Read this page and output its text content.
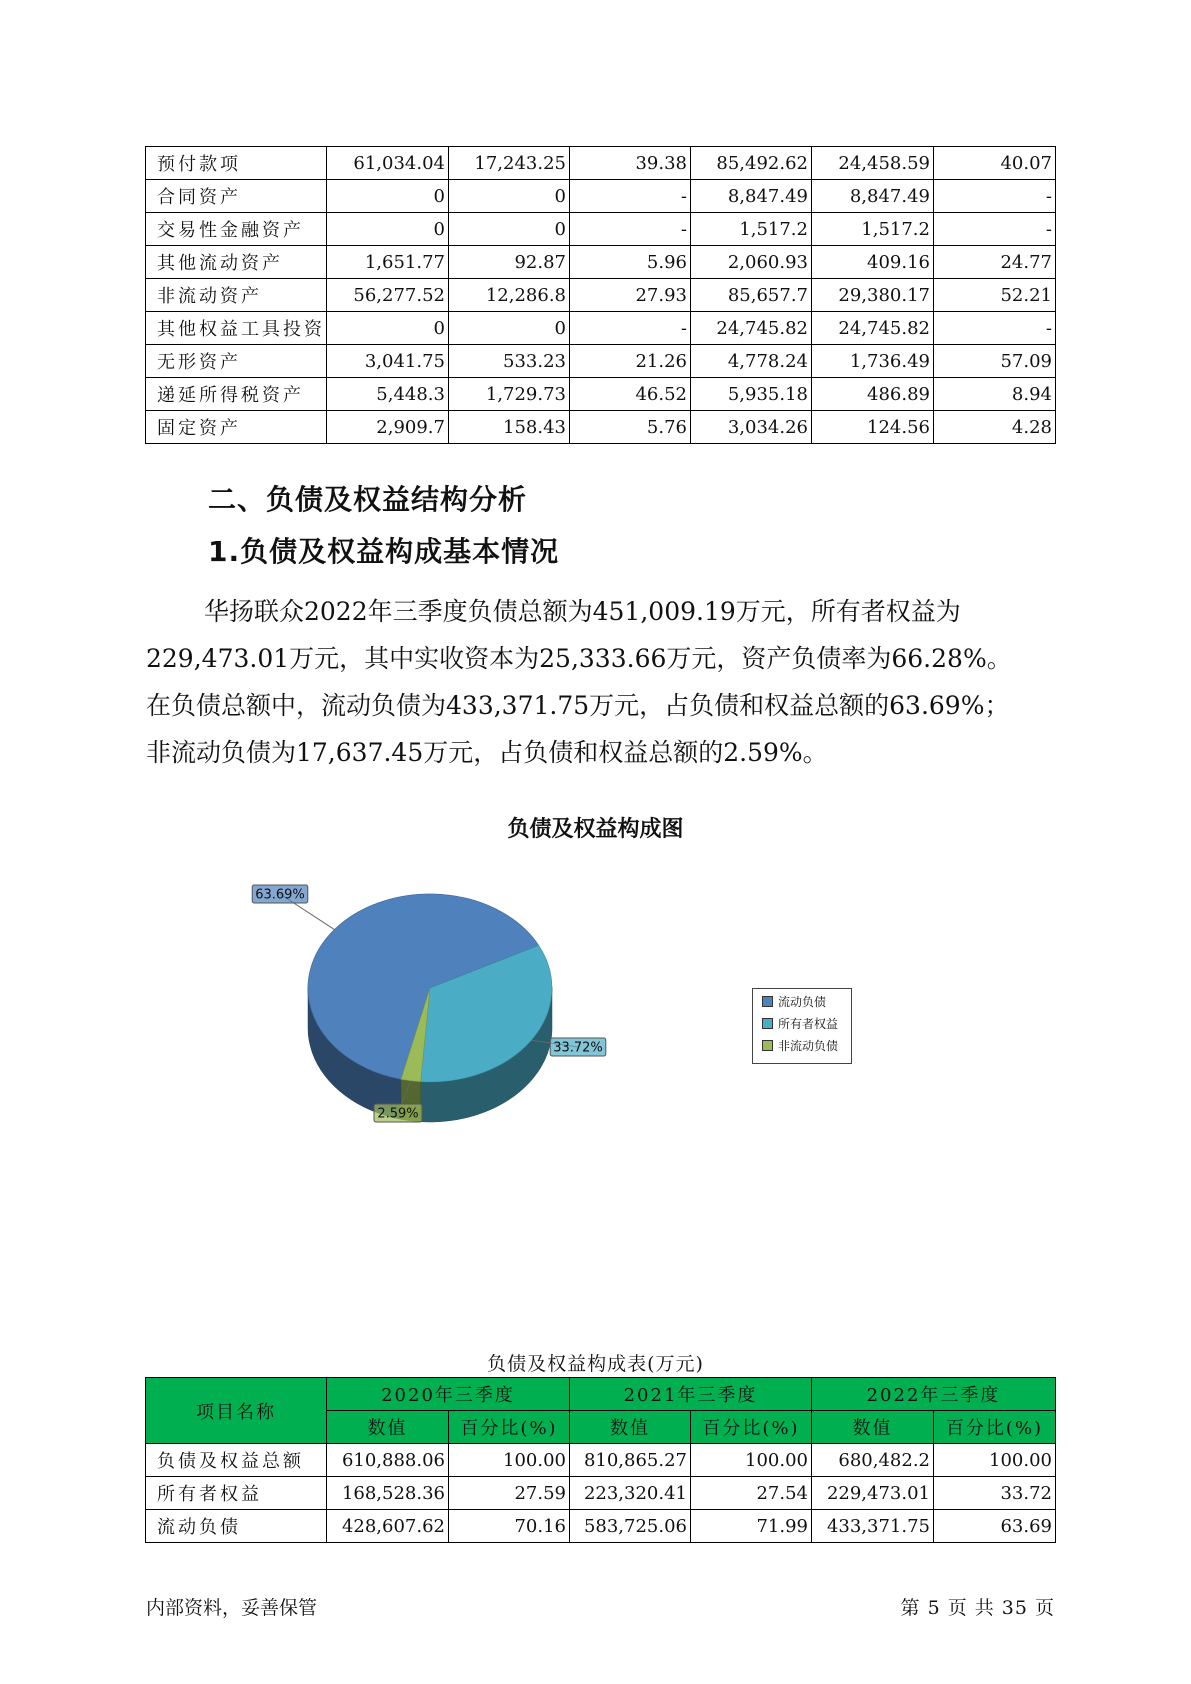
预付款项	61,034.04	17,243.25	39.38	85,492.62	24,458.59	40.07
合同资产	0	0	-	8,847.49	8,847.49	-
交易性金融资产	0	0	-	1,517.2	1,517.2	-
其他流动资产	1,651.77	92.87	5.96	2,060.93	409.16	24.77
非流动资产	56,277.52	12,286.8	27.93	85,657.7	29,380.17	52.21
其他权益工具投资	0	0	-	24,745.82	24,745.82	-
无形资产	3,041.75	533.23	21.26	4,778.24	1,736.49	57.09
递延所得税资产	5,448.3	1,729.73	46.52	5,935.18	486.89	8.94
固定资产	2,909.7	158.43	5.76	3,034.26	124.56	4.28
二、负债及权益结构分析
1.负债及权益构成基本情况
华扬联众2022年三季度负债总额为451,009.19万元，所有者权益为
229,473.01万元，其中实收资本为25,333.66万元，资产负债率为66.28%。
在负债总额中，流动负债为433,371.75万元，占负债和权益总额的63.69%；
非流动负债为17,637.45万元，占负债和权益总额的2.59%。
负债及权益构成图
63.69%
33.72%
2.59%
流动负债
所有者权益
非流动负债
负债及权益构成表(万元)
项目名称	2020年三季度		2021年三季度		2022年三季度	
	数值	百分比(%)	数值	百分比(%)	数值	百分比(%)
负债及权益总额	610,888.06	100.00	810,865.27	100.00	680,482.2	100.00
所有者权益	168,528.36	27.59	223,320.41	27.54	229,473.01	33.72
流动负债	428,607.62	70.16	583,725.06	71.99	433,371.75	63.69
内部资料，妥善保管	第 5 页 共 35 页
